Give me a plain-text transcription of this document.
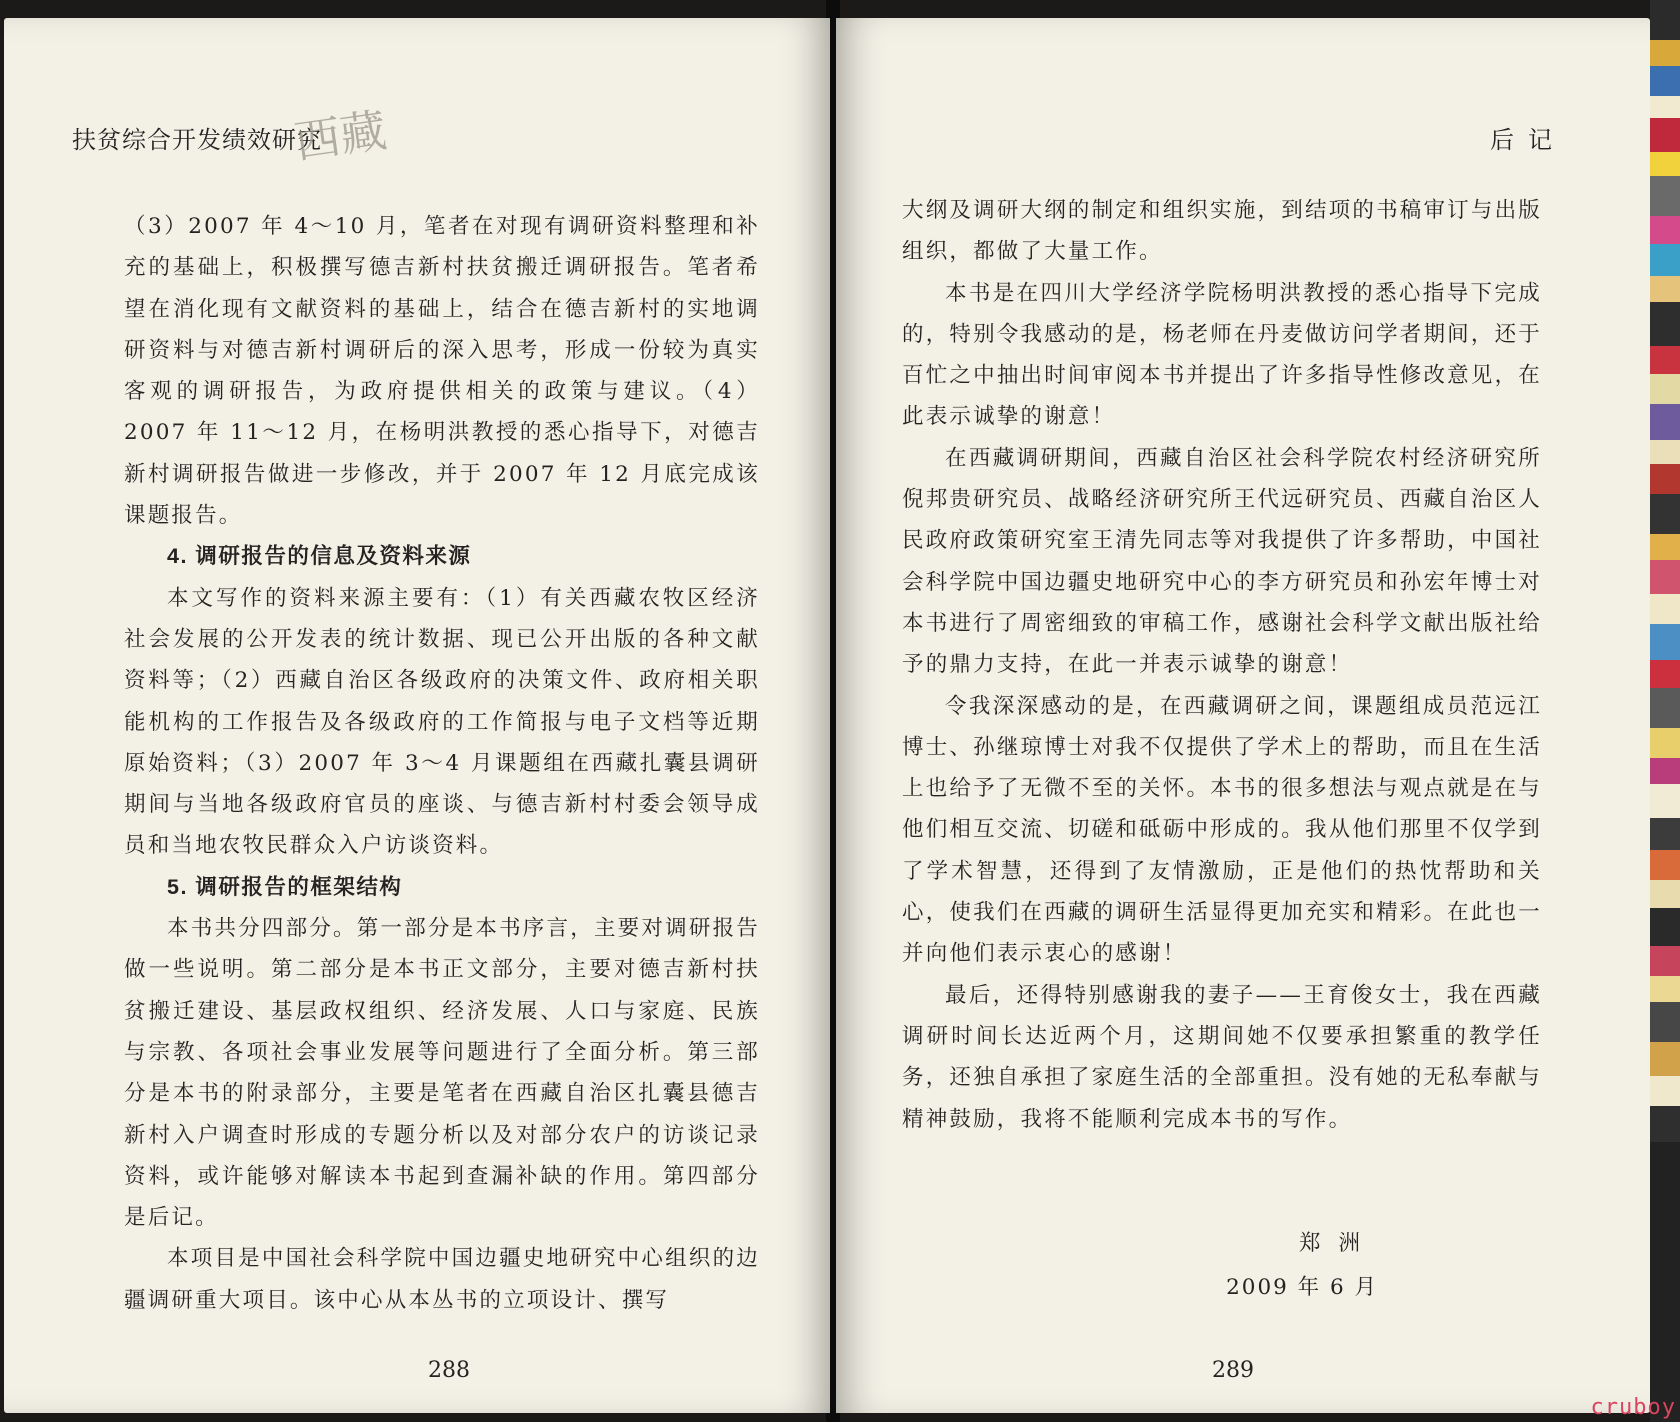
扶贫综合开发绩效研究
西藏

（3）2007 年 4～10 月，笔者在对现有调研资料整理和补充的基础上，积极撰写德吉新村扶贫搬迁调研报告。笔者希望在消化现有文献资料的基础上，结合在德吉新村的实地调研资料与对德吉新村调研后的深入思考，形成一份较为真实客观的调研报告，为政府提供相关的政策与建议。（4）2007 年 11～12 月，在杨明洪教授的悉心指导下，对德吉新村调研报告做进一步修改，并于 2007 年 12 月底完成该课题报告。

4. 调研报告的信息及资料来源

本文写作的资料来源主要有：（1）有关西藏农牧区经济社会发展的公开发表的统计数据、现已公开出版的各种文献资料等；（2）西藏自治区各级政府的决策文件、政府相关职能机构的工作报告及各级政府的工作简报与电子文档等近期原始资料；（3）2007 年 3～4 月课题组在西藏扎囊县调研期间与当地各级政府官员的座谈、与德吉新村村委会领导成员和当地农牧民群众入户访谈资料。

5. 调研报告的框架结构

本书共分四部分。第一部分是本书序言，主要对调研报告做一些说明。第二部分是本书正文部分，主要对德吉新村扶贫搬迁建设、基层政权组织、经济发展、人口与家庭、民族与宗教、各项社会事业发展等问题进行了全面分析。第三部分是本书的附录部分，主要是笔者在西藏自治区扎囊县德吉新村入户调查时形成的专题分析以及对部分农户的访谈记录资料，或许能够对解读本书起到查漏补缺的作用。第四部分是后记。

本项目是中国社会科学院中国边疆史地研究中心组织的边疆调研重大项目。该中心从本丛书的立项设计、撰写

288
后记

大纲及调研大纲的制定和组织实施，到结项的书稿审订与出版组织，都做了大量工作。

本书是在四川大学经济学院杨明洪教授的悉心指导下完成的，特别令我感动的是，杨老师在丹麦做访问学者期间，还于百忙之中抽出时间审阅本书并提出了许多指导性修改意见，在此表示诚挚的谢意！

在西藏调研期间，西藏自治区社会科学院农村经济研究所倪邦贵研究员、战略经济研究所王代远研究员、西藏自治区人民政府政策研究室王清先同志等对我提供了许多帮助，中国社会科学院中国边疆史地研究中心的李方研究员和孙宏年博士对本书进行了周密细致的审稿工作，感谢社会科学文献出版社给予的鼎力支持，在此一并表示诚挚的谢意！

令我深深感动的是，在西藏调研之间，课题组成员范远江博士、孙继琼博士对我不仅提供了学术上的帮助，而且在生活上也给予了无微不至的关怀。本书的很多想法与观点就是在与他们相互交流、切磋和砥砺中形成的。我从他们那里不仅学到了学术智慧，还得到了友情激励，正是他们的热忱帮助和关心，使我们在西藏的调研生活显得更加充实和精彩。在此也一并向他们表示衷心的感谢！

最后，还得特别感谢我的妻子——王育俊女士，我在西藏调研时间长达近两个月，这期间她不仅要承担繁重的教学任务，还独自承担了家庭生活的全部重担。没有她的无私奉献与精神鼓励，我将不能顺利完成本书的写作。

郑洲
2009 年 6 月
289
cruboy
